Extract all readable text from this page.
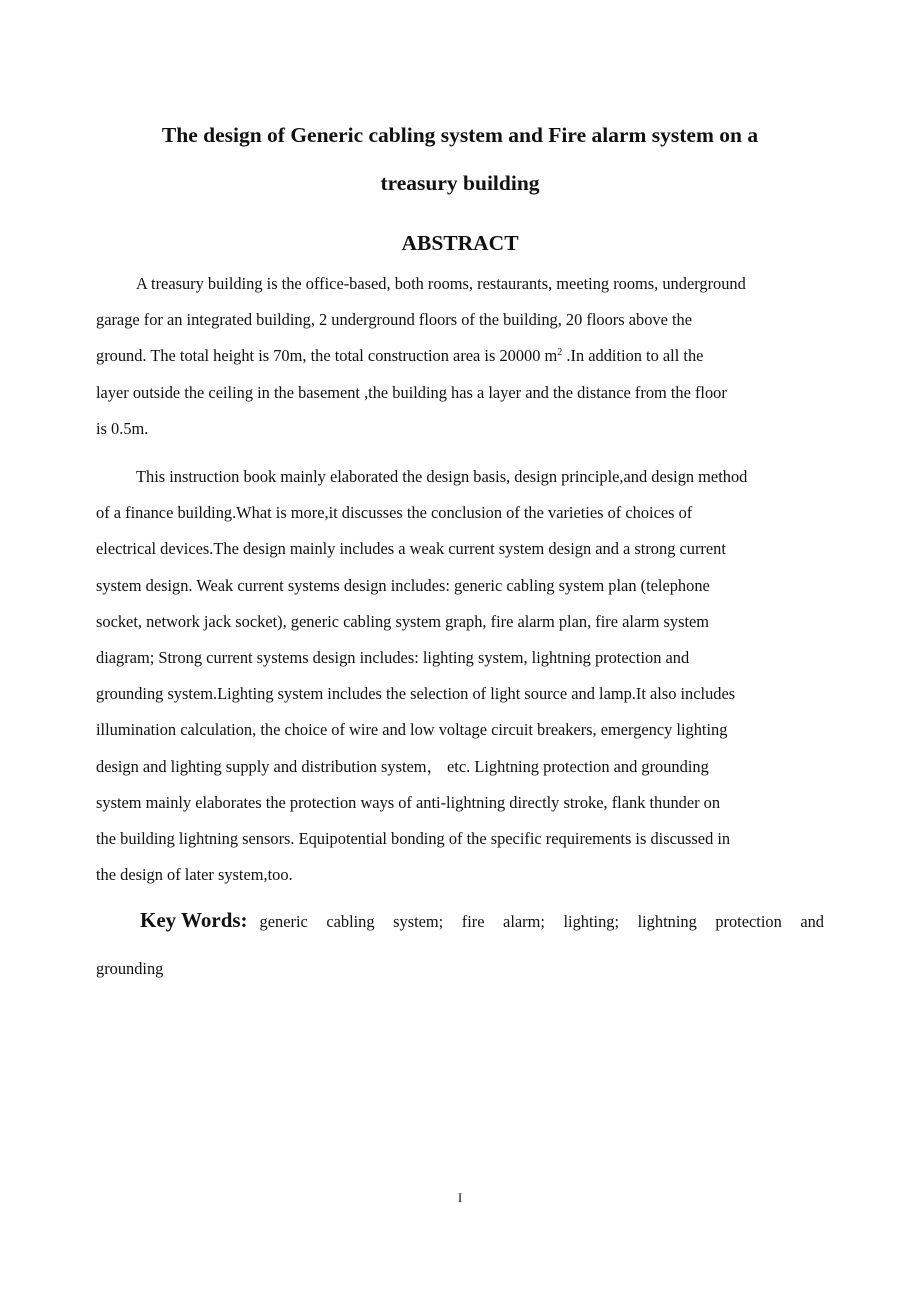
The design of Generic cabling system and Fire alarm system on a
treasury building
ABSTRACT
A treasury building is the office-based, both rooms, restaurants, meeting rooms, underground
garage for an integrated building, 2 underground floors of the building, 20 floors above the
ground. The total height is 70m, the total construction area is 20000 $m^2$ .In addition to all the
layer outside the ceiling in the basement ,the building has a layer and the distance from the floor
is 0.5m.
This instruction book mainly elaborated the design basis, design principle,and design method
of a finance building.What is more,it discusses the conclusion of the varieties of choices of
electrical devices.The design mainly includes a weak current system design and a strong current
system design. Weak current systems design includes: generic cabling system plan (telephone
socket, network jack socket), generic cabling system graph, fire alarm plan, fire alarm system
diagram; Strong current systems design includes: lighting system, lightning protection and
grounding system.Lighting system includes the selection of light source and lamp.It also includes
illumination calculation, the choice of wire and low voltage circuit breakers, emergency lighting
design and lighting supply and distribution system， etc. Lightning protection and grounding
system mainly elaborates the protection ways of anti-lightning directly stroke, flank thunder on
the building lightning sensors. Equipotential bonding of the specific requirements is discussed in
the design of later system,too.
Key Words: generic cabling system; fire alarm; lighting; lightning protection and
grounding

I
